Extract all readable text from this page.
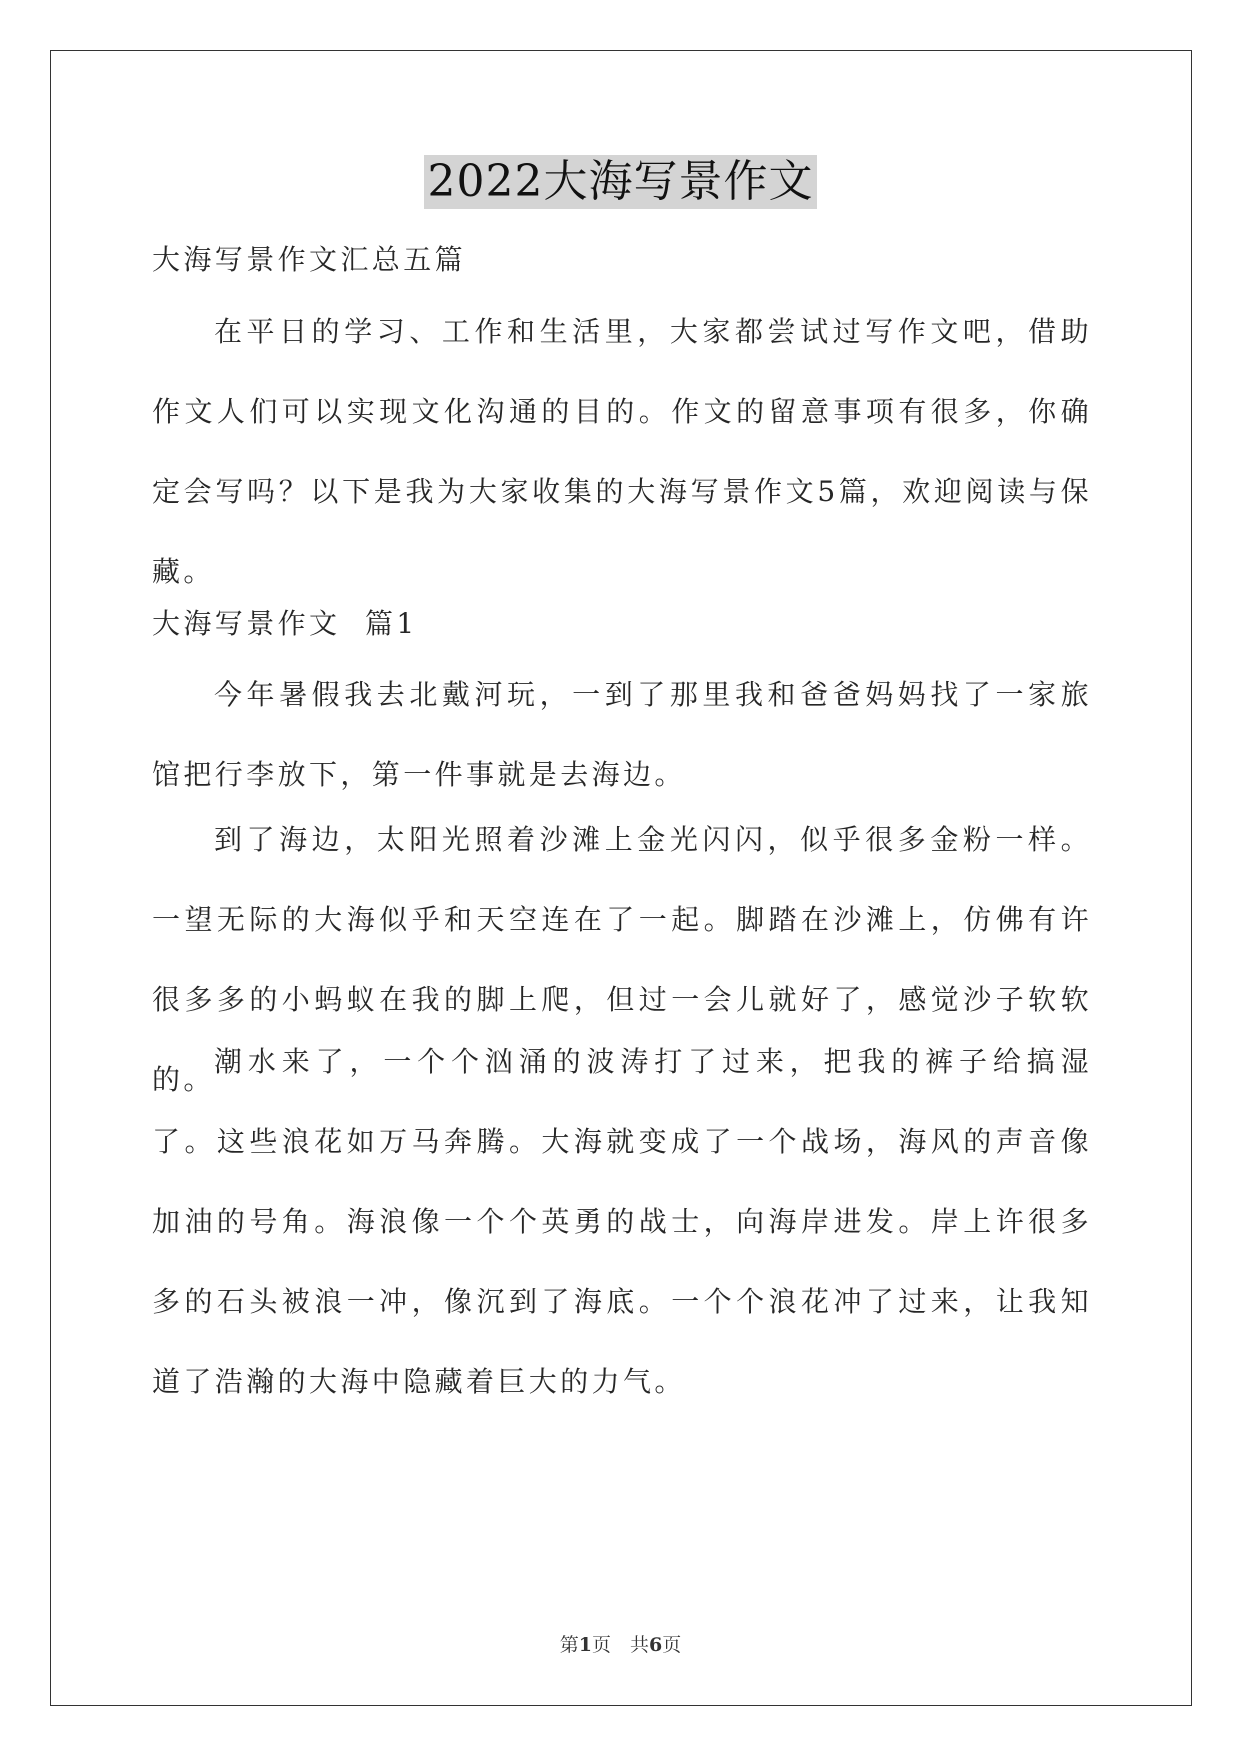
2022大海写景作文

大海写景作文汇总五篇

在平日的学习、工作和生活里，大家都尝试过写作文吧，借助作文人们可以实现文化沟通的目的。作文的留意事项有很多，你确定会写吗？以下是我为大家收集的大海写景作文5篇，欢迎阅读与保藏。

大海写景作文  篇1

今年暑假我去北戴河玩，一到了那里我和爸爸妈妈找了一家旅馆把行李放下，第一件事就是去海边。

到了海边，太阳光照着沙滩上金光闪闪，似乎很多金粉一样。一望无际的大海似乎和天空连在了一起。脚踏在沙滩上，仿佛有许很多多的小蚂蚁在我的脚上爬，但过一会儿就好了，感觉沙子软软的。

潮水来了，一个个汹涌的波涛打了过来，把我的裤子给搞湿了。这些浪花如万马奔腾。大海就变成了一个战场，海风的声音像加油的号角。海浪像一个个英勇的战士，向海岸进发。岸上许很多多的石头被浪一冲，像沉到了海底。一个个浪花冲了过来，让我知道了浩瀚的大海中隐藏着巨大的力气。

第1页　共6页
